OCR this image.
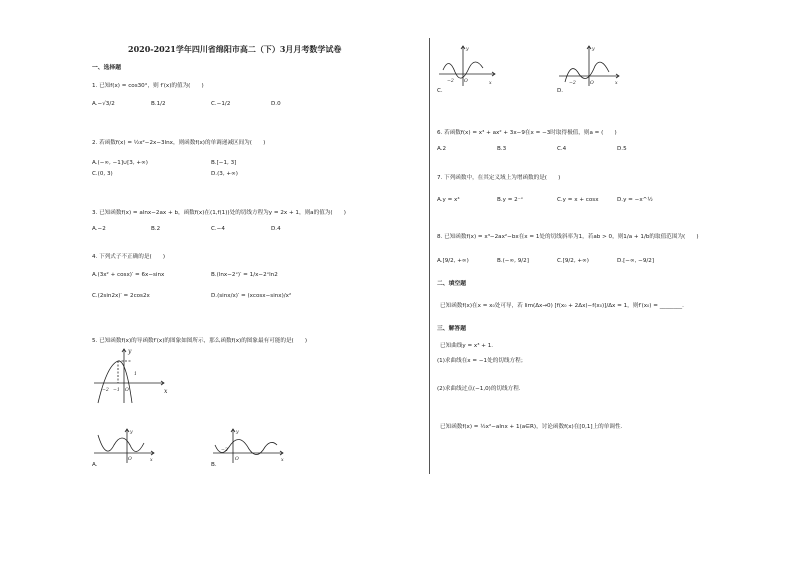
2020-2021学年四川省绵阳市高二（下）3月月考数学试卷
一、选择题
1. 已知f(x) = cos30°，则 f′(x)的值为(　　)
A.−√3/2	B.1/2	C.−1/2	D.0
2. 若函数f(x) = ½x²−2x−3lnx，则函数f(x)的单调递减区间为(　　)
A.(−∞, −1]∪[3, +∞)	B.[−1, 3]
C.(0, 3)	D.(3, +∞)
3. 已知函数f(x) = alnx−2ax + b，函数f(x)在(1,f(1))处的切线方程为y = 2x + 1，则a的值为(　　)
A.−2	B.2	C.−4	D.4
4. 下列式子不正确的是(　　)
A.(3x² + cosx)′ = 6x−sinx	B.(lnx−2ˣ)′ = 1/x−2ˣln2
C.(2sin2x)′ = 2cos2x	D.(sinx/x)′ = (xcosx−sinx)/x²
5. 已知函数f(x)的导函数f′(x)的图象如图所示，那么函数f(x)的图象最有可能的是(　　)
x
y
1
−2 −1 O
x
y
O
A.
x
y
−2
O
B.
x
y
−2 O
C.
x
y
−2	O
D.
6. 若函数f(x) = x³ + ax² + 3x−9在x = −3时取得极值，则a = (　　)
A.2	B.3	C.4	D.5
7. 下列函数中，在其定义域上为增函数的是(　　)
A.y = x⁴	B.y = 2⁻ˣ	C.y = x + cosx	D.y = −x^½
8. 已知函数f(x) = x³−2ax²−bx在x = 1处的切线斜率为1，若ab > 0，则1/a + 1/b的取值范围为(　　)
A.[9/2, +∞)	B.(−∞, 9/2]	C.[9/2, +∞)	D.[−∞, −9/2]
二、填空题
已知函数f(x)在x = x₀处可导，若 lim(Δx→0) [f(x₀ + 2Δx)−f(x₀)]/Δx = 1，则f′(x₀) = ________.
三、解答题
已知曲线y = x³ + 1.
(1)求曲线在x = −1处的切线方程；
(2)求曲线过点(−1,0)的切线方程.
已知函数f(x) = ½x²−alnx + 1(a∈R)，讨论函数f(x)在[0,1]上的单调性.
